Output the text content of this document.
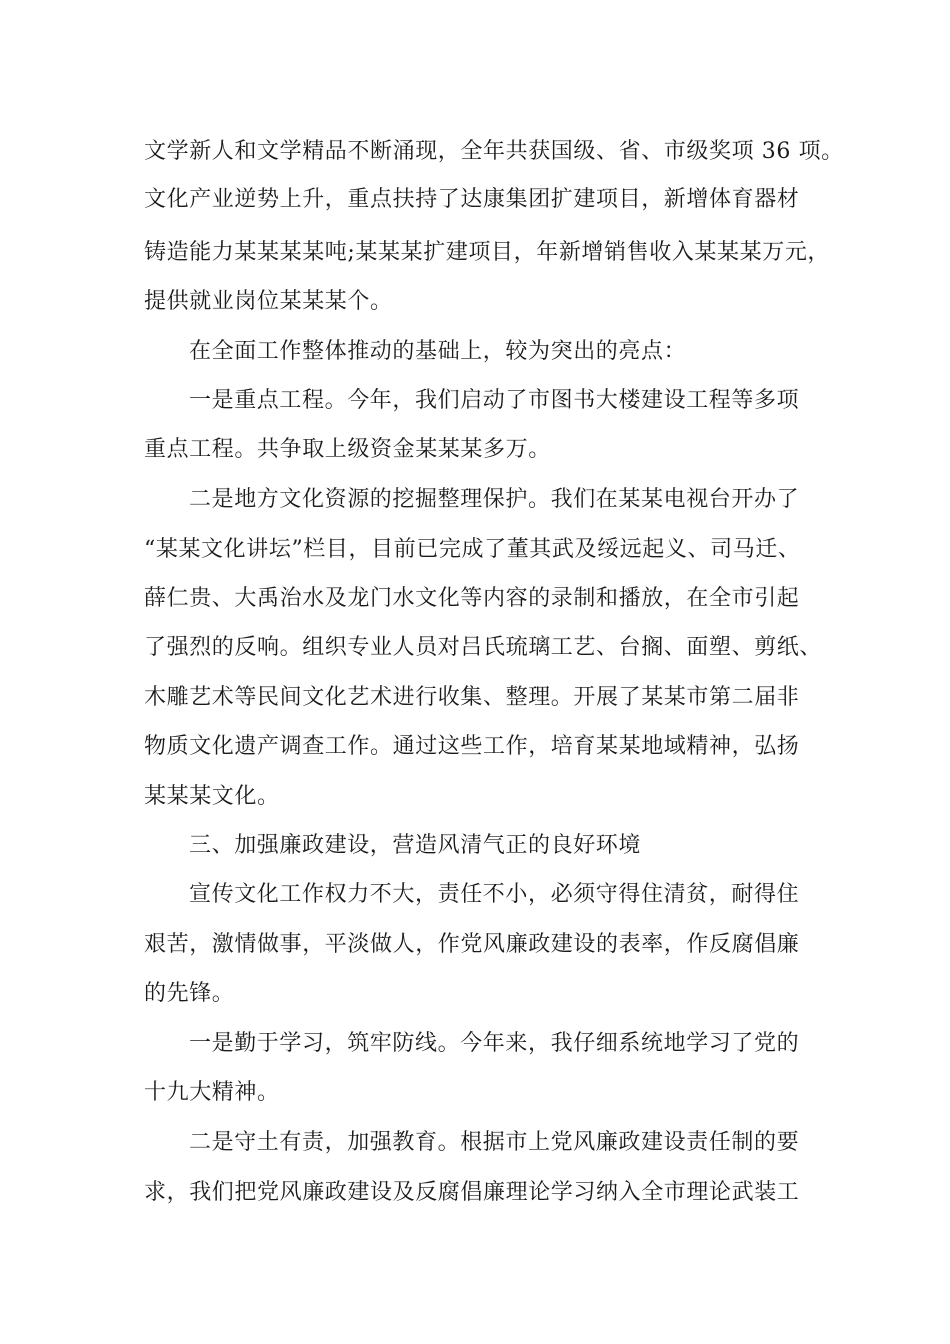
文学新人和文学精品不断涌现，全年共获国级、省、市级奖项 36 项。
文化产业逆势上升，重点扶持了达康集团扩建项目，新增体育器材
铸造能力某某某某吨;某某某扩建项目，年新增销售收入某某某万元，
提供就业岗位某某某个。
在全面工作整体推动的基础上，较为突出的亮点：
一是重点工程。今年，我们启动了市图书大楼建设工程等多项
重点工程。共争取上级资金某某某多万。
二是地方文化资源的挖掘整理保护。我们在某某电视台开办了
“某某文化讲坛”栏目，目前已完成了董其武及绥远起义、司马迁、
薛仁贵、大禹治水及龙门水文化等内容的录制和播放，在全市引起
了强烈的反响。组织专业人员对吕氏琉璃工艺、台搁、面塑、剪纸、
木雕艺术等民间文化艺术进行收集、整理。开展了某某市第二届非
物质文化遗产调查工作。通过这些工作，培育某某地域精神，弘扬
某某某文化。
三、加强廉政建设，营造风清气正的良好环境
宣传文化工作权力不大，责任不小，必须守得住清贫，耐得住
艰苦，激情做事，平淡做人，作党风廉政建设的表率，作反腐倡廉
的先锋。
一是勤于学习，筑牢防线。今年来，我仔细系统地学习了党的
十九大精神。
二是守土有责，加强教育。根据市上党风廉政建设责任制的要
求，我们把党风廉政建设及反腐倡廉理论学习纳入全市理论武装工
